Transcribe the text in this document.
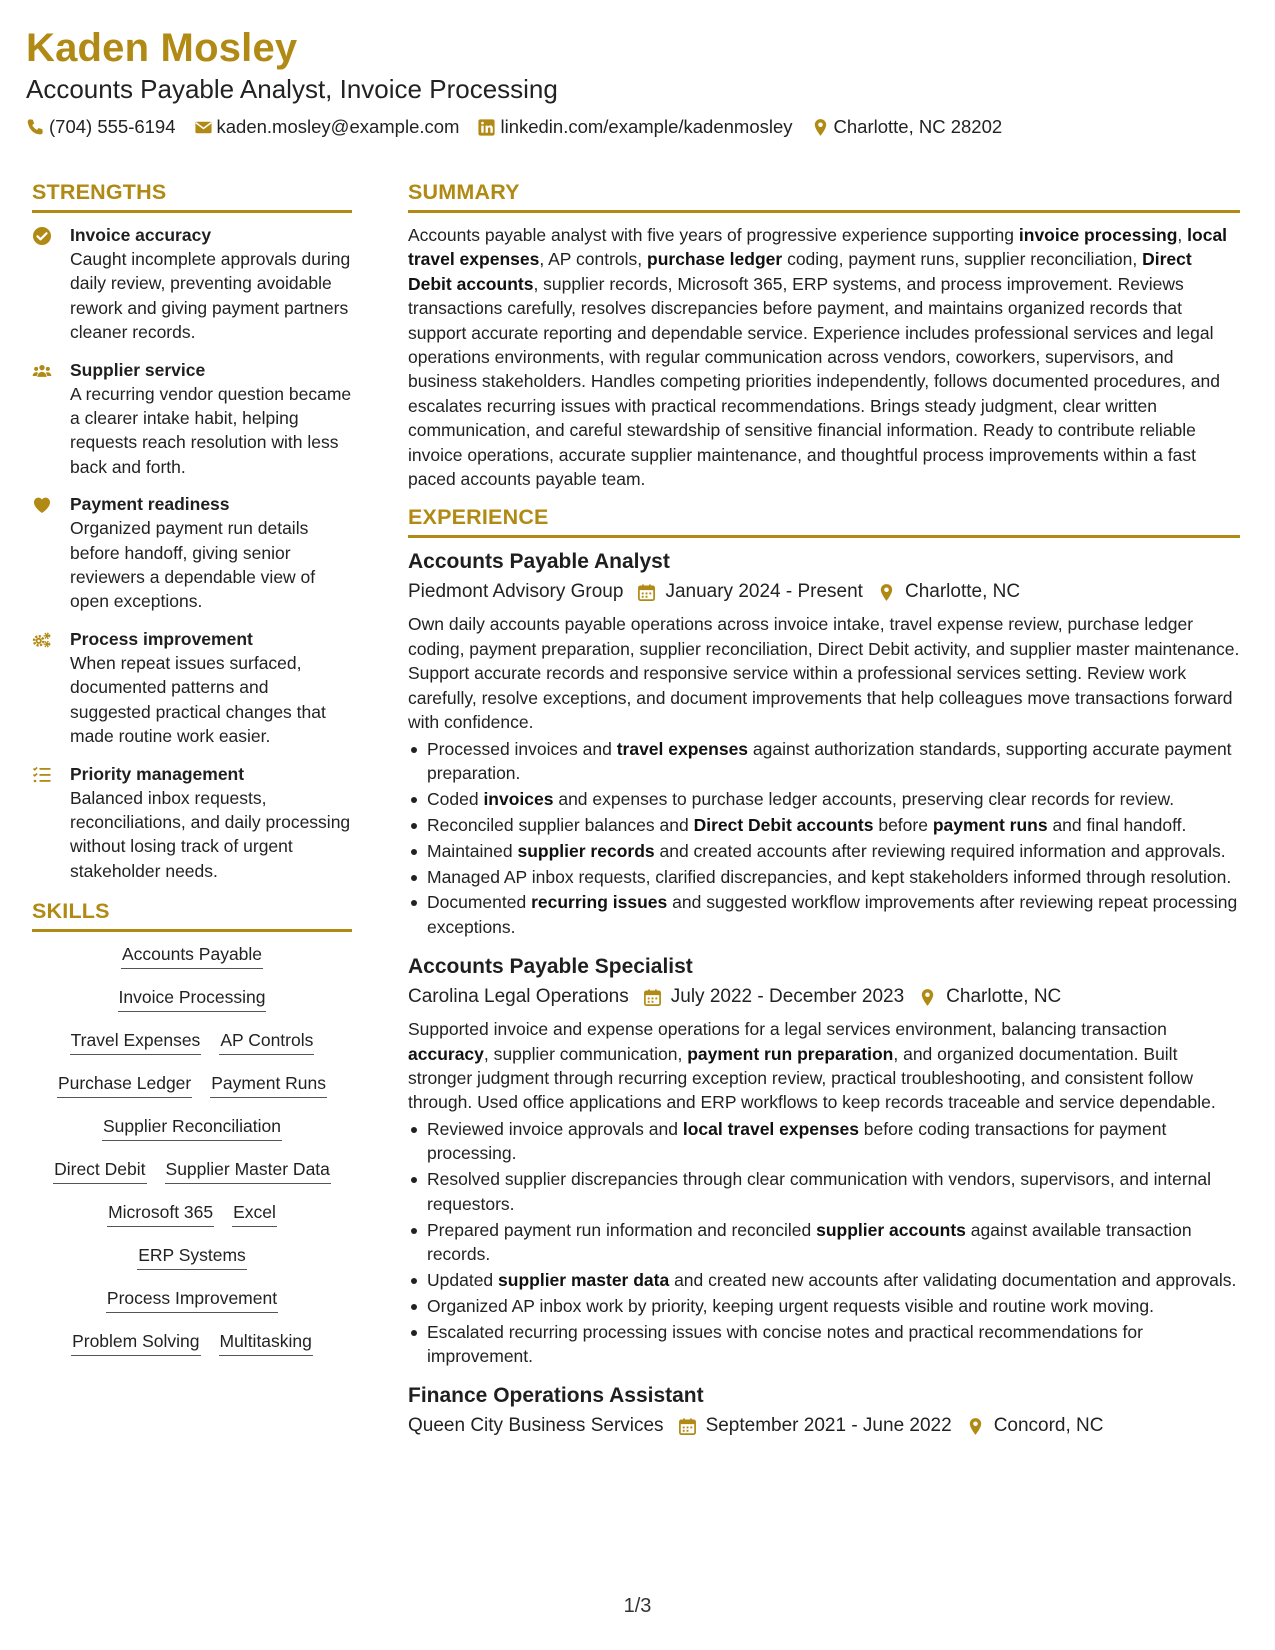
Kaden Mosley
Accounts Payable Analyst, Invoice Processing
(704) 555-6194 kaden.mosley@example.com linkedin.com/example/kadenmosley Charlotte, NC 28202
STRENGTHS
Invoice accuracy
Caught incomplete approvals during daily review, preventing avoidable rework and giving payment partners cleaner records.
Supplier service
A recurring vendor question became a clearer intake habit, helping requests reach resolution with less back and forth.
Payment readiness
Organized payment run details before handoff, giving senior reviewers a dependable view of open exceptions.
Process improvement
When repeat issues surfaced, documented patterns and suggested practical changes that made routine work easier.
Priority management
Balanced inbox requests, reconciliations, and daily processing without losing track of urgent stakeholder needs.
SKILLS
Accounts Payable
Invoice Processing
Travel Expenses AP Controls
Purchase Ledger Payment Runs
Supplier Reconciliation
Direct Debit Supplier Master Data
Microsoft 365 Excel
ERP Systems
Process Improvement
Problem Solving Multitasking
SUMMARY
Accounts payable analyst with five years of progressive experience supporting invoice processing, local travel expenses, AP controls, purchase ledger coding, payment runs, supplier reconciliation, Direct Debit accounts, supplier records, Microsoft 365, ERP systems, and process improvement. Reviews transactions carefully, resolves discrepancies before payment, and maintains organized records that support accurate reporting and dependable service. Experience includes professional services and legal operations environments, with regular communication across vendors, coworkers, supervisors, and business stakeholders. Handles competing priorities independently, follows documented procedures, and escalates recurring issues with practical recommendations. Brings steady judgment, clear written communication, and careful stewardship of sensitive financial information. Ready to contribute reliable invoice operations, accurate supplier maintenance, and thoughtful process improvements within a fast paced accounts payable team.
EXPERIENCE
Accounts Payable Analyst
Piedmont Advisory Group January 2024 - Present Charlotte, NC
Own daily accounts payable operations across invoice intake, travel expense review, purchase ledger coding, payment preparation, supplier reconciliation, Direct Debit activity, and supplier master maintenance. Support accurate records and responsive service within a professional services setting. Review work carefully, resolve exceptions, and document improvements that help colleagues move transactions forward with confidence.
Processed invoices and travel expenses against authorization standards, supporting accurate payment preparation.
Coded invoices and expenses to purchase ledger accounts, preserving clear records for review.
Reconciled supplier balances and Direct Debit accounts before payment runs and final handoff.
Maintained supplier records and created accounts after reviewing required information and approvals.
Managed AP inbox requests, clarified discrepancies, and kept stakeholders informed through resolution.
Documented recurring issues and suggested workflow improvements after reviewing repeat processing exceptions.
Accounts Payable Specialist
Carolina Legal Operations July 2022 - December 2023 Charlotte, NC
Supported invoice and expense operations for a legal services environment, balancing transaction accuracy, supplier communication, payment run preparation, and organized documentation. Built stronger judgment through recurring exception review, practical troubleshooting, and consistent follow through. Used office applications and ERP workflows to keep records traceable and service dependable.
Reviewed invoice approvals and local travel expenses before coding transactions for payment processing.
Resolved supplier discrepancies through clear communication with vendors, supervisors, and internal requestors.
Prepared payment run information and reconciled supplier accounts against available transaction records.
Updated supplier master data and created new accounts after validating documentation and approvals.
Organized AP inbox work by priority, keeping urgent requests visible and routine work moving.
Escalated recurring processing issues with concise notes and practical recommendations for improvement.
Finance Operations Assistant
Queen City Business Services September 2021 - June 2022 Concord, NC
1/3
